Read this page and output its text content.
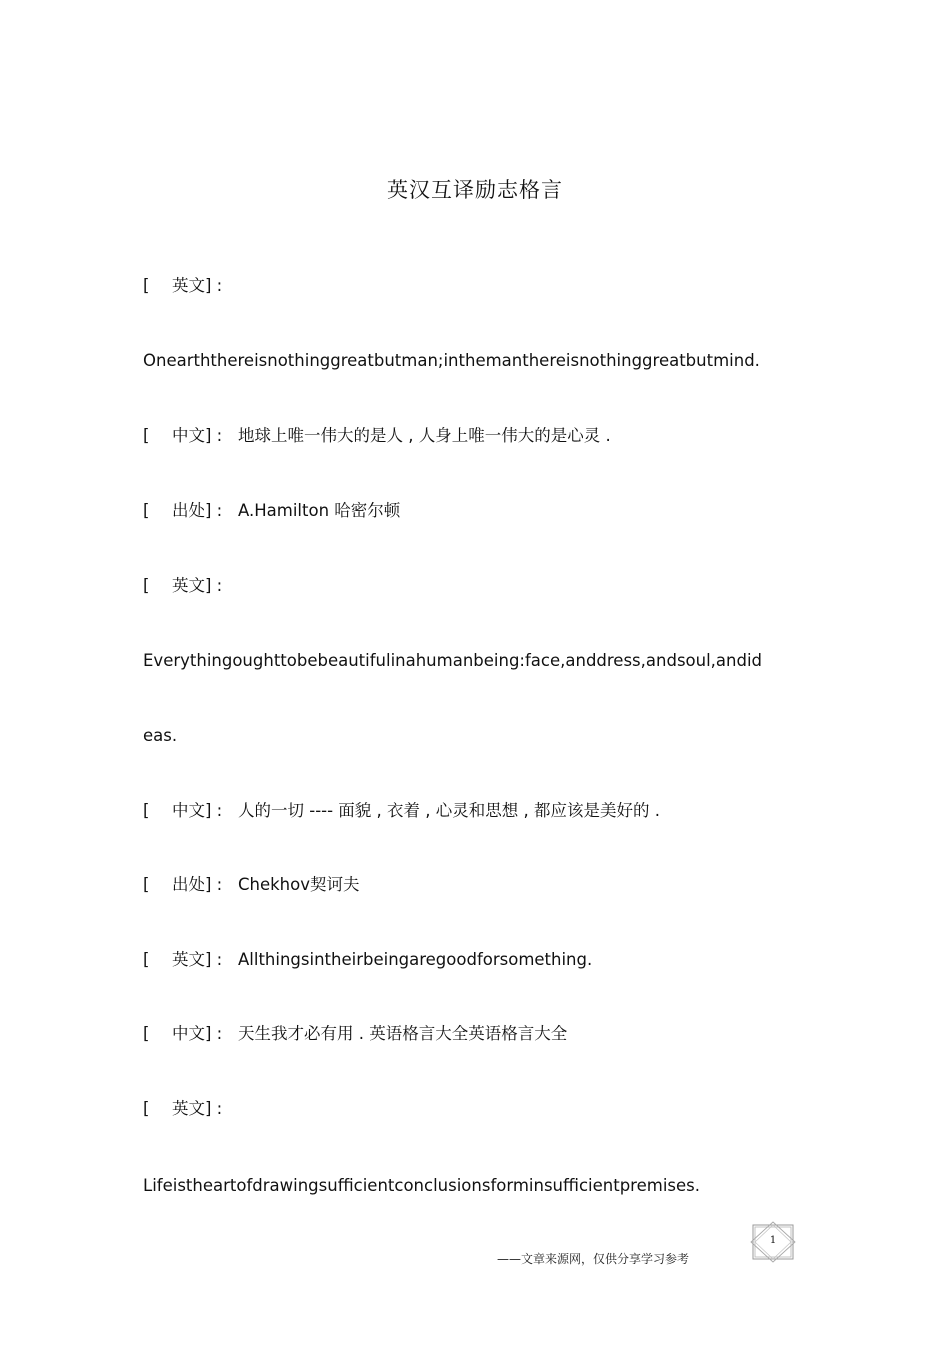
英汉互译励志格言
[ 英文] :
Onearththereisnothinggreatbutman;inthemanthereisnothinggreatbutmind.
[ 中文] : 地球上唯一伟大的是人 , 人身上唯一伟大的是心灵 .
[ 出处] : A.Hamilton 哈密尔顿
[ 英文] :
Everythingoughttobebeautifulinahumanbeing:face,anddress,andsoul,andid
eas.
[ 中文] : 人的一切 ---- 面貌 , 衣着 , 心灵和思想 , 都应该是美好的 .
[ 出处] : Chekhov契诃夫
[ 英文] : Allthingsintheirbeingaregoodforsomething.
[ 中文] : 天生我才必有用 . 英语格言大全英语格言大全
[ 英文] :
Lifeistheartofdrawingsufficientconclusionsforminsufficientpremises.
——文章来源网，仅供分享学习参考
1
